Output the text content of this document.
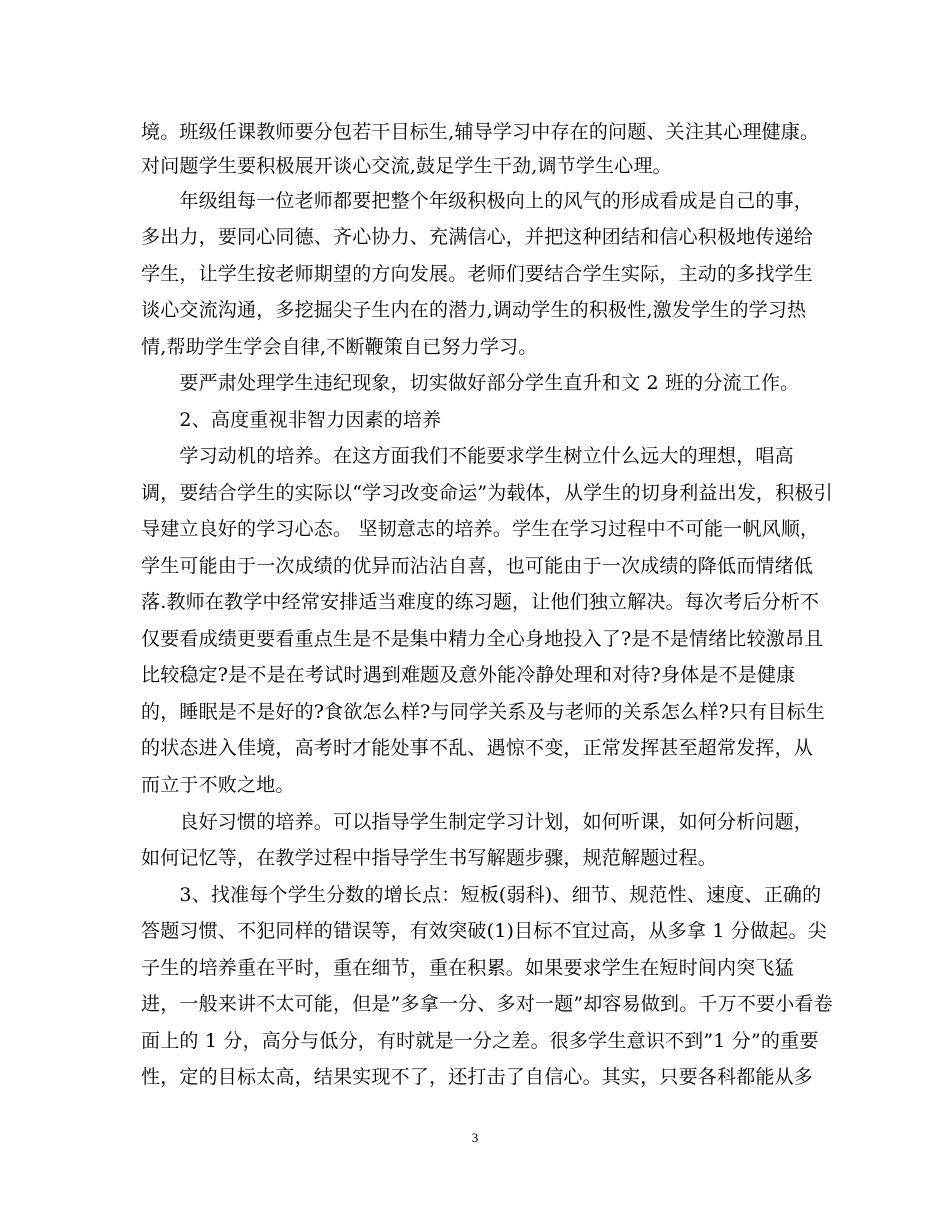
境。班级任课教师要分包若干目标生,辅导学习中存在的问题、关注其心理健康。
对问题学生要积极展开谈心交流,鼓足学生干劲,调节学生心理。
　　年级组每一位老师都要把整个年级积极向上的风气的形成看成是自己的事，
多出力，要同心同德、齐心协力、充满信心，并把这种团结和信心积极地传递给
学生，让学生按老师期望的方向发展。老师们要结合学生实际，主动的多找学生
谈心交流沟通，多挖掘尖子生内在的潜力,调动学生的积极性,激发学生的学习热
情,帮助学生学会自律,不断鞭策自已努力学习。
　　要严肃处理学生违纪现象，切实做好部分学生直升和文 2 班的分流工作。
　　2、高度重视非智力因素的培养
　　学习动机的培养。在这方面我们不能要求学生树立什么远大的理想，唱高
调，要结合学生的实际以“学习改变命运”为载体，从学生的切身利益出发，积极引
导建立良好的学习心态。 坚韧意志的培养。学生在学习过程中不可能一帆风顺，
学生可能由于一次成绩的优异而沾沾自喜，也可能由于一次成绩的降低而情绪低
落.教师在教学中经常安排适当难度的练习题，让他们独立解决。每次考后分析不
仅要看成绩更要看重点生是不是集中精力全心身地投入了?是不是情绪比较激昂且
比较稳定?是不是在考试时遇到难题及意外能冷静处理和对待?身体是不是健康
的，睡眠是不是好的?食欲怎么样?与同学关系及与老师的关系怎么样?只有目标生
的状态进入佳境，高考时才能处事不乱、遇惊不变，正常发挥甚至超常发挥，从
而立于不败之地。
　　良好习惯的培养。可以指导学生制定学习计划，如何听课，如何分析问题，
如何记忆等，在教学过程中指导学生书写解题步骤，规范解题过程。
　　3、找准每个学生分数的增长点：短板(弱科)、细节、规范性、速度、正确的
答题习惯、不犯同样的错误等，有效突破(1)目标不宜过高，从多拿 1 分做起。尖
子生的培养重在平时，重在细节，重在积累。如果要求学生在短时间内突飞猛
进，一般来讲不太可能，但是”多拿一分、多对一题”却容易做到。千万不要小看卷
面上的 1 分，高分与低分，有时就是一分之差。很多学生意识不到”1 分”的重要
性，定的目标太高，结果实现不了，还打击了自信心。其实，只要各科都能从多
3
